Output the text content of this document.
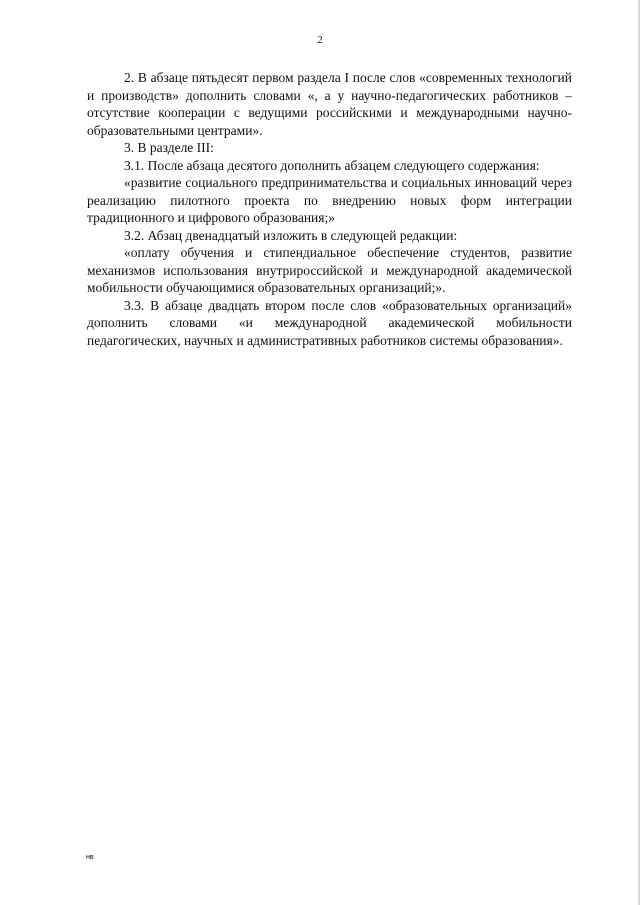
2

2. В абзаце пятьдесят первом раздела I после слов «современных технологий и производств» дополнить словами «, а у научно-педагогических работников – отсутствие кооперации с ведущими российскими и международными научно-образовательными центрами».

3. В разделе III:

3.1. После абзаца десятого дополнить абзацем следующего содержания:

«развитие социального предпринимательства и социальных инноваций через реализацию пилотного проекта по внедрению новых форм интеграции традиционного и цифрового образования;»

3.2. Абзац двенадцатый изложить в следующей редакции:

«оплату обучения и стипендиальное обеспечение студентов, развитие механизмов использования внутрироссийской и международной академической мобильности обучающимися образовательных организаций;».

3.3. В абзаце двадцать втором после слов «образовательных организаций» дополнить словами «и международной академической мобильности педагогических, научных и административных работников системы образования».

нв
